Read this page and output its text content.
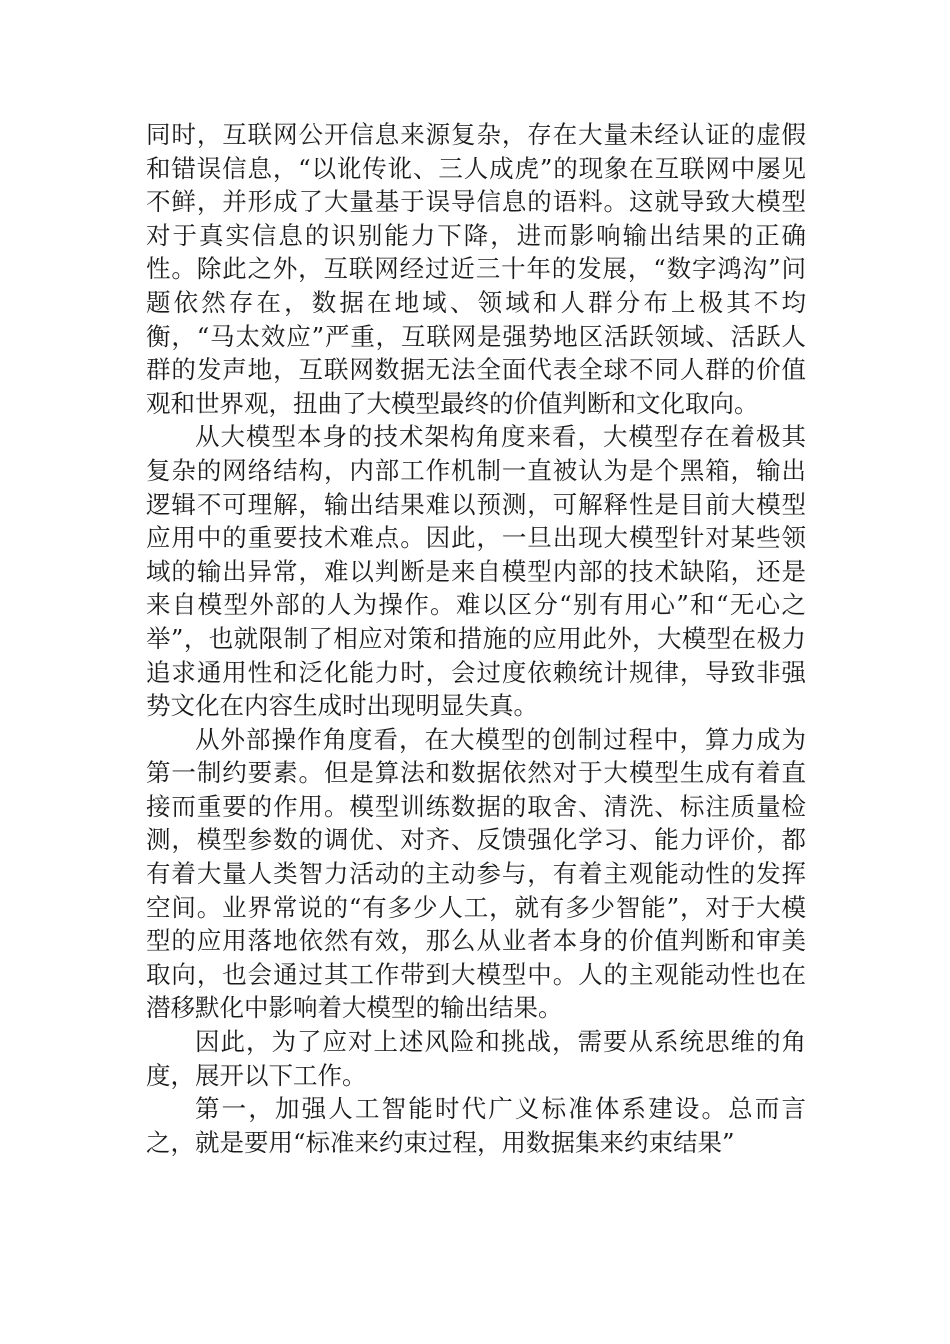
同时，互联网公开信息来源复杂，存在大量未经认证的虚假和错误信息，“以讹传讹、三人成虎”的现象在互联网中屡见不鲜，并形成了大量基于误导信息的语料。这就导致大模型对于真实信息的识别能力下降，进而影响输出结果的正确性。除此之外，互联网经过近三十年的发展，“数字鸿沟”问题依然存在，数据在地域、领域和人群分布上极其不均衡，“马太效应”严重，互联网是强势地区活跃领域、活跃人群的发声地，互联网数据无法全面代表全球不同人群的价值观和世界观，扭曲了大模型最终的价值判断和文化取向。

从大模型本身的技术架构角度来看，大模型存在着极其复杂的网络结构，内部工作机制一直被认为是个黑箱，输出逻辑不可理解，输出结果难以预测，可解释性是目前大模型应用中的重要技术难点。因此，一旦出现大模型针对某些领域的输出异常，难以判断是来自模型内部的技术缺陷，还是来自模型外部的人为操作。难以区分“别有用心”和“无心之举”，也就限制了相应对策和措施的应用此外，大模型在极力追求通用性和泛化能力时，会过度依赖统计规律，导致非强势文化在内容生成时出现明显失真。

从外部操作角度看，在大模型的创制过程中，算力成为第一制约要素。但是算法和数据依然对于大模型生成有着直接而重要的作用。模型训练数据的取舍、清洗、标注质量检测，模型参数的调优、对齐、反馈强化学习、能力评价，都有着大量人类智力活动的主动参与，有着主观能动性的发挥空间。业界常说的“有多少人工，就有多少智能”，对于大模型的应用落地依然有效，那么从业者本身的价值判断和审美取向，也会通过其工作带到大模型中。人的主观能动性也在潜移默化中影响着大模型的输出结果。

因此，为了应对上述风险和挑战，需要从系统思维的角度，展开以下工作。

第一，加强人工智能时代广义标准体系建设。总而言之，就是要用“标准来约束过程，用数据集来约束结果”
